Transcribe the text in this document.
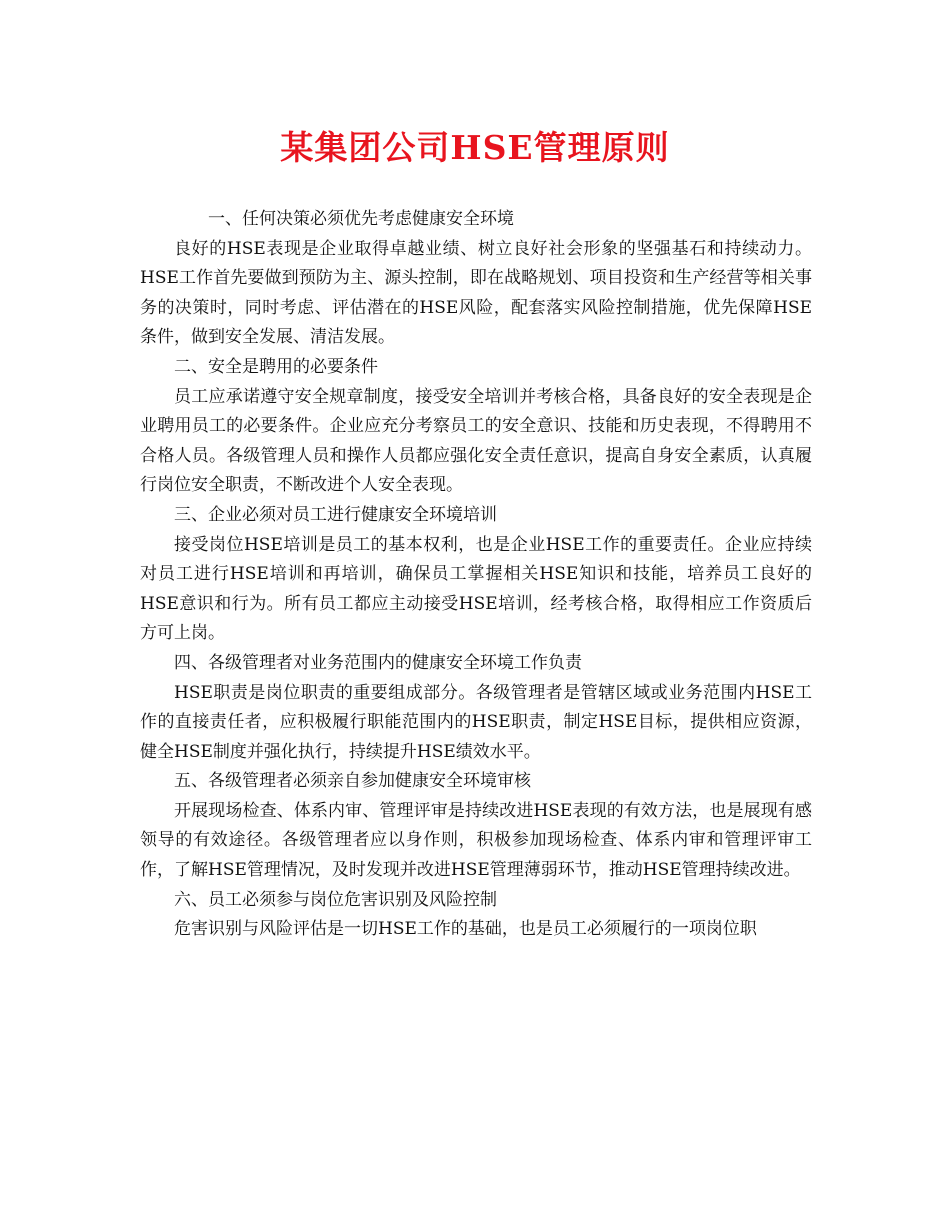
某集团公司HSE管理原则

一、任何决策必须优先考虑健康安全环境

良好的HSE表现是企业取得卓越业绩、树立良好社会形象的坚强基石和持续动力。HSE工作首先要做到预防为主、源头控制，即在战略规划、项目投资和生产经营等相关事务的决策时，同时考虑、评估潜在的HSE风险，配套落实风险控制措施，优先保障HSE条件，做到安全发展、清洁发展。

二、安全是聘用的必要条件

员工应承诺遵守安全规章制度，接受安全培训并考核合格，具备良好的安全表现是企业聘用员工的必要条件。企业应充分考察员工的安全意识、技能和历史表现，不得聘用不合格人员。各级管理人员和操作人员都应强化安全责任意识，提高自身安全素质，认真履行岗位安全职责，不断改进个人安全表现。

三、企业必须对员工进行健康安全环境培训

接受岗位HSE培训是员工的基本权利，也是企业HSE工作的重要责任。企业应持续对员工进行HSE培训和再培训，确保员工掌握相关HSE知识和技能，培养员工良好的HSE意识和行为。所有员工都应主动接受HSE培训，经考核合格，取得相应工作资质后方可上岗。

四、各级管理者对业务范围内的健康安全环境工作负责

HSE职责是岗位职责的重要组成部分。各级管理者是管辖区域或业务范围内HSE工作的直接责任者，应积极履行职能范围内的HSE职责，制定HSE目标，提供相应资源，健全HSE制度并强化执行，持续提升HSE绩效水平。

五、各级管理者必须亲自参加健康安全环境审核

开展现场检查、体系内审、管理评审是持续改进HSE表现的有效方法，也是展现有感领导的有效途径。各级管理者应以身作则，积极参加现场检查、体系内审和管理评审工作，了解HSE管理情况，及时发现并改进HSE管理薄弱环节，推动HSE管理持续改进。

六、员工必须参与岗位危害识别及风险控制

危害识别与风险评估是一切HSE工作的基础，也是员工必须履行的一项岗位职
